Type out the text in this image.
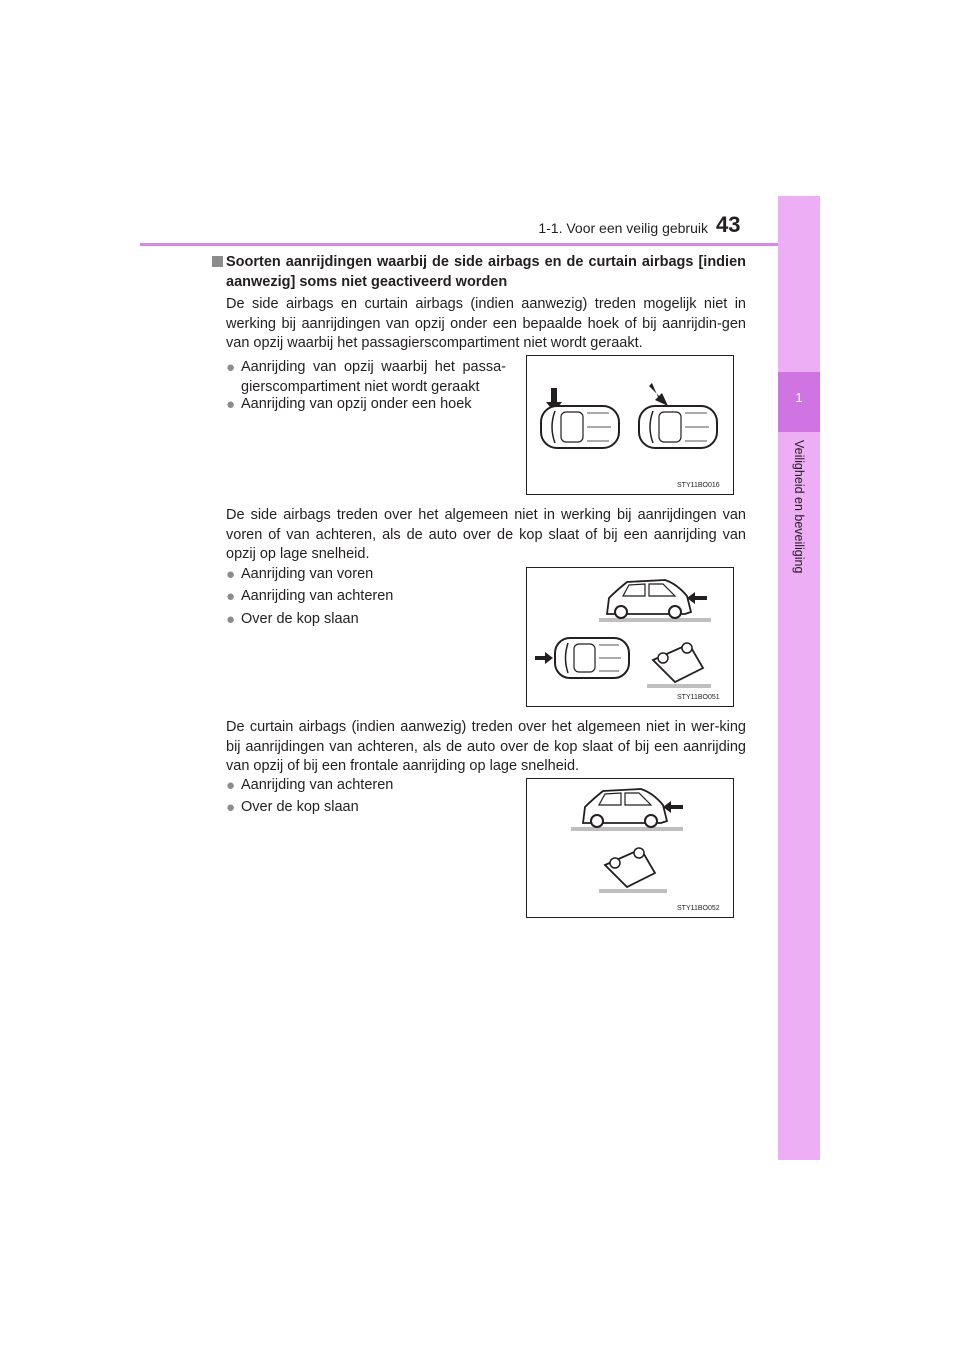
1-1. Voor een veilig gebruik 43
1
Veiligheid en beveiliging
Soorten aanrijdingen waarbij de side airbags en de curtain airbags [indien aanwezig] soms niet geactiveerd worden
De side airbags en curtain airbags (indien aanwezig) treden mogelijk niet in werking bij aanrijdingen van opzij onder een bepaalde hoek of bij aanrijdin-gen van opzij waarbij het passagierscompartiment niet wordt geraakt.
● Aanrijding van opzij waarbij het passa-gierscompartiment niet wordt geraakt
● Aanrijding van opzij onder een hoek
STY11BO016
De side airbags treden over het algemeen niet in werking bij aanrijdingen van voren of van achteren, als de auto over de kop slaat of bij een aanrijding van opzij op lage snelheid.
● Aanrijding van voren
● Aanrijding van achteren
● Over de kop slaan
STY11BO051
De curtain airbags (indien aanwezig) treden over het algemeen niet in wer-king bij aanrijdingen van achteren, als de auto over de kop slaat of bij een aanrijding van opzij of bij een frontale aanrijding op lage snelheid.
● Aanrijding van achteren
● Over de kop slaan
STY11BO052
